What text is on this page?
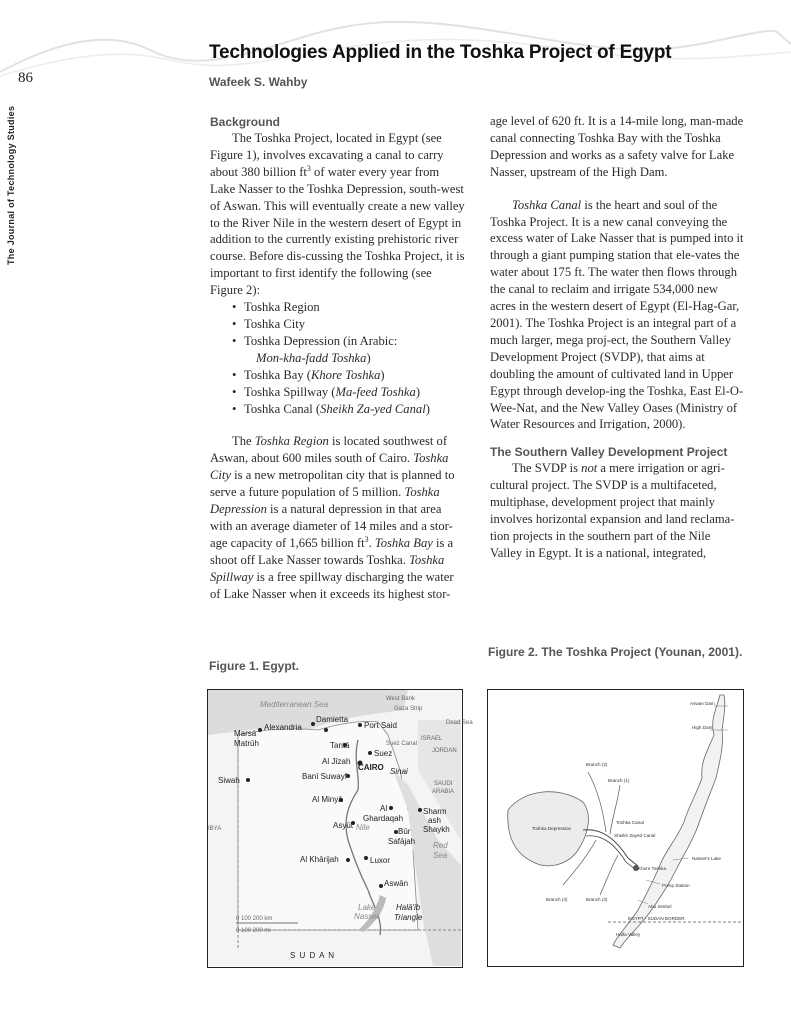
86
The Journal of Technology Studies
Technologies Applied in the Toshka Project of Egypt
Wafeek S. Wahby
Background

The Toshka Project, located in Egypt (see Figure 1), involves excavating a canal to carry about 380 billion $ft^3$ of water every year from Lake Nasser to the Toshka Depression, south-west of Aswan. This will eventually create a new valley to the River Nile in the western desert of Egypt in addition to the currently existing prehistoric river course. Before dis-cussing the Toshka Project, it is important to first identify the following (see Figure 2):

• Toshka Region
• Toshka City
• Toshka Depression (in Arabic:
Mon-kha-fadd Toshka)
• Toshka Bay (Khore Toshka)
• Toshka Spillway (Ma-feed Toshka)
• Toshka Canal (Sheikh Za-yed Canal)

The Toshka Region is located southwest of Aswan, about 600 miles south of Cairo. Toshka City is a new metropolitan city that is planned to serve a future population of 5 million. Toshka Depression is a natural depression in that area with an average diameter of 14 miles and a stor-age capacity of 1,665 billion $ft^3$. Toshka Bay is a shoot off Lake Nasser towards Toshka. Toshka Spillway is a free spillway discharging the water of Lake Nasser when it exceeds its highest stor-

age level of 620 ft. It is a 14-mile long, man-made canal connecting Toshka Bay with the Toshka Depression and works as a safety valve for Lake Nasser, upstream of the High Dam.

Toshka Canal is the heart and soul of the Toshka Project. It is a new canal conveying the excess water of Lake Nasser that is pumped into it through a giant pumping station that ele-vates the water about 175 ft. The water then flows through the canal to reclaim and irrigate 534,000 new acres in the western desert of Egypt (El-Hag-Gar, 2001). The Toshka Project is an integral part of a much larger, mega proj-ect, the Southern Valley Development Project (SVDP), that aims at doubling the amount of cultivated land in Upper Egypt through develop-ing the Toshka, East El-O-Wee-Nat, and the New Valley Oases (Ministry of Water Resources and Irrigation, 2000).

The Southern Valley Development Project

The SVDP is not a mere irrigation or agri-cultural project. The SVDP is a multifaceted, multiphase, development project that mainly involves horizontal expansion and land reclama-tion projects in the southern part of the Nile Valley in Egypt. It is a national, integrated,

Figure 1. Egypt.
Figure 2. The Toshka Project (Younan, 2001).
Mediterranean Sea
West Bank
Gaza Strip
Damietta
Alexandria	Port Said	Dead Sea
Marsá
Matrūh	Tantā	Suez Canal
Suez
ISRAEL
JORDAN
Al Jīzah
CAIRO Sinai
Siwah	Banī Suwayf
SAUDI
ARABIA
Al Minyā
Al
Ghardaqah
Sharm
ash
Shaykh
IBYA	Asyūt
Būr
Safājah
Nile
Red
Sea
Al Khārijah	Luxor
Aswān
Lake
Nasser
Halā'ib
Triangle
0 100 200 km
0 100 200 mi
S U D A N
Aswan Dam
High Dam
Branch (2)
Branch (1)
Toshka Depression
Toshka Canal
Sheikh Zayed Canal
Nasser's Lake
Khore Toshka
Pump Station
Branch (4)	Branch (3)
Abu Simbel
EGYPT - SUDAN BORDER
Halfa Valley
